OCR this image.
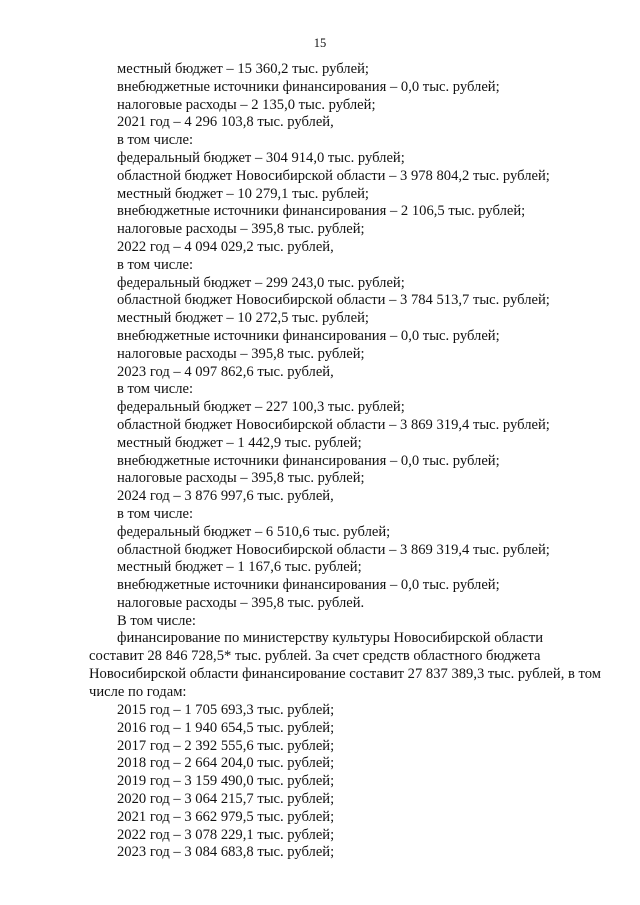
15
местный бюджет – 15 360,2 тыс. рублей;
внебюджетные источники финансирования – 0,0 тыс. рублей;
налоговые расходы – 2 135,0 тыс. рублей;
2021 год – 4 296 103,8 тыс. рублей,
в том числе:
федеральный бюджет – 304 914,0 тыс. рублей;
областной бюджет Новосибирской области – 3 978 804,2 тыс. рублей;
местный бюджет – 10 279,1 тыс. рублей;
внебюджетные источники финансирования – 2 106,5 тыс. рублей;
налоговые расходы – 395,8 тыс. рублей;
2022 год – 4 094 029,2 тыс. рублей,
в том числе:
федеральный бюджет – 299 243,0 тыс. рублей;
областной бюджет Новосибирской области – 3 784 513,7 тыс. рублей;
местный бюджет – 10 272,5 тыс. рублей;
внебюджетные источники финансирования – 0,0 тыс. рублей;
налоговые расходы – 395,8 тыс. рублей;
2023 год – 4 097 862,6 тыс. рублей,
в том числе:
федеральный бюджет – 227 100,3 тыс. рублей;
областной бюджет Новосибирской области – 3 869 319,4 тыс. рублей;
местный бюджет – 1 442,9 тыс. рублей;
внебюджетные источники финансирования – 0,0 тыс. рублей;
налоговые расходы – 395,8 тыс. рублей;
2024 год – 3 876 997,6 тыс. рублей,
в том числе:
федеральный бюджет – 6 510,6 тыс. рублей;
областной бюджет Новосибирской области – 3 869 319,4 тыс. рублей;
местный бюджет – 1 167,6 тыс. рублей;
внебюджетные источники финансирования – 0,0 тыс. рублей;
налоговые расходы – 395,8 тыс. рублей.
В том числе:
финансирование по министерству культуры Новосибирской области
составит 28 846 728,5* тыс. рублей. За счет средств областного бюджета
Новосибирской области финансирование составит 27 837 389,3 тыс. рублей, в том
числе по годам:
2015 год – 1 705 693,3 тыс. рублей;
2016 год – 1 940 654,5 тыс. рублей;
2017 год – 2 392 555,6 тыс. рублей;
2018 год – 2 664 204,0 тыс. рублей;
2019 год – 3 159 490,0 тыс. рублей;
2020 год – 3 064 215,7 тыс. рублей;
2021 год – 3 662 979,5 тыс. рублей;
2022 год – 3 078 229,1 тыс. рублей;
2023 год – 3 084 683,8 тыс. рублей;
